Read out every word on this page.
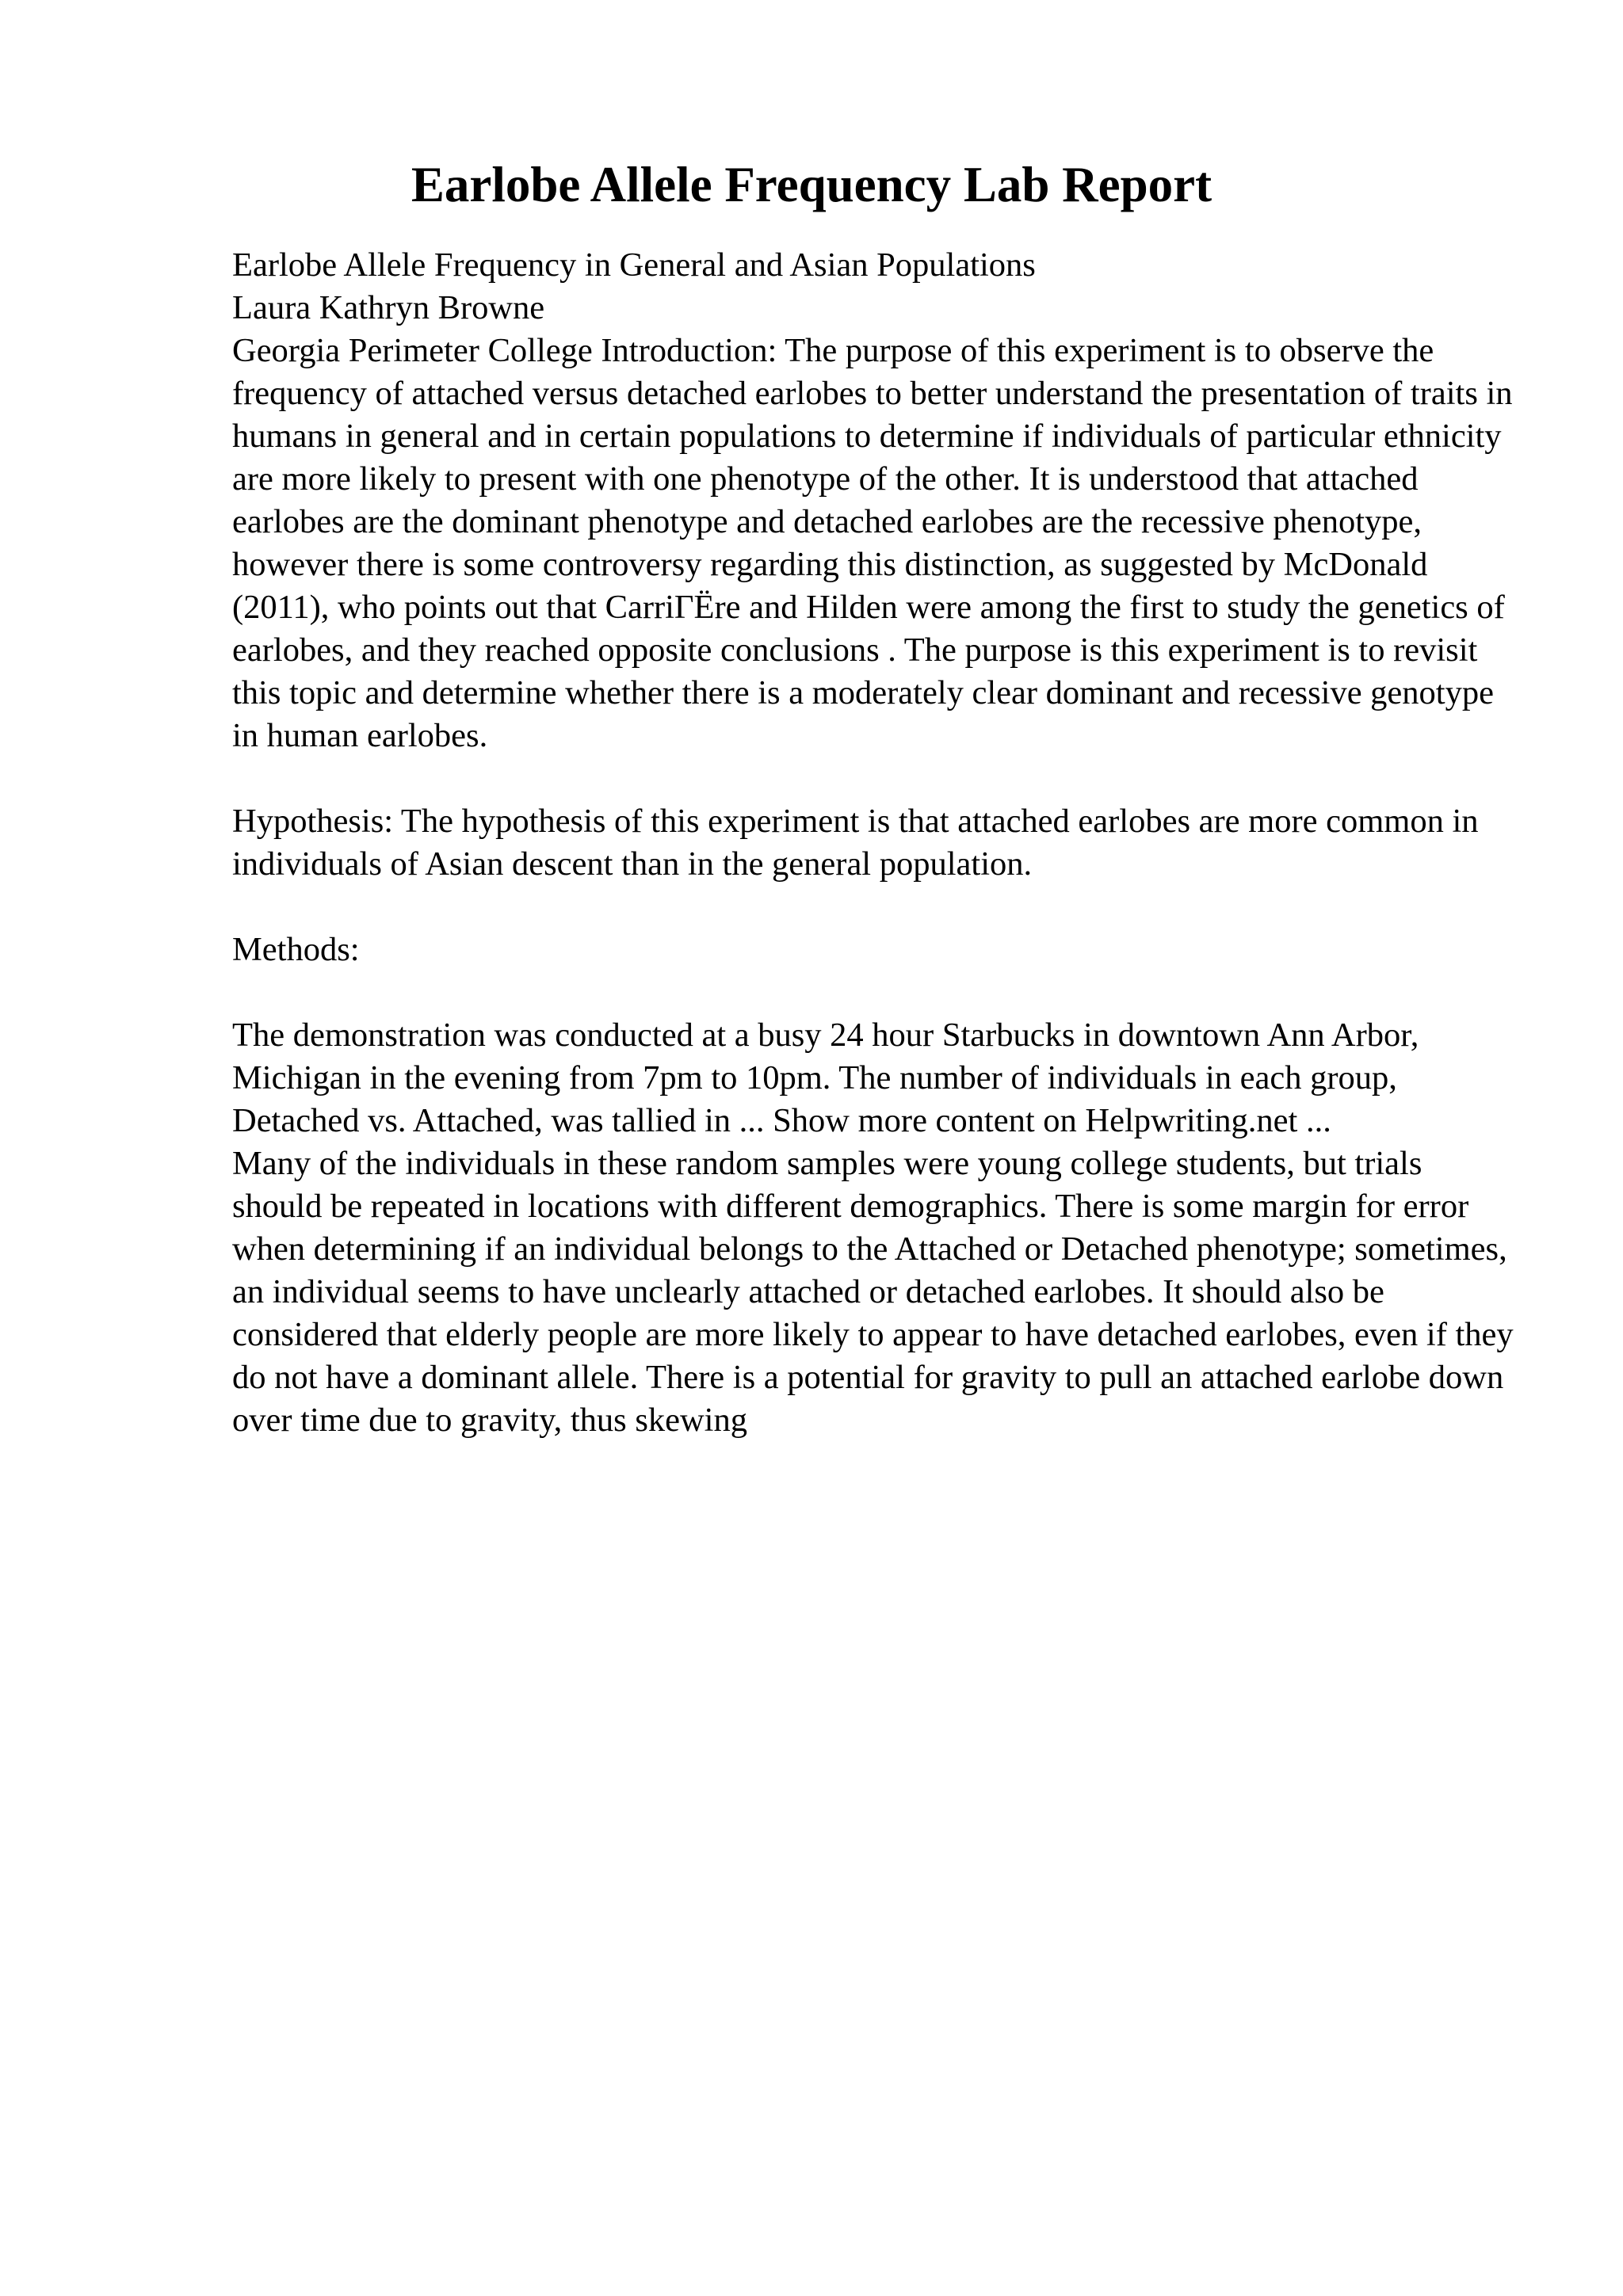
Earlobe Allele Frequency Lab Report

Earlobe Allele Frequency in General and Asian Populations

Laura Kathryn Browne

Georgia Perimeter College Introduction: The purpose of this experiment is to observe the frequency of attached versus detached earlobes to better understand the presentation of traits in humans in general and in certain populations to determine if individuals of particular ethnicity are more likely to present with one phenotype of the other. It is understood that attached earlobes are the dominant phenotype and detached earlobes are the recessive phenotype, however there is some controversy regarding this distinction, as suggested by McDonald (2011), who points out that CarriΓËre and Hilden were among the first to study the genetics of earlobes, and they reached opposite conclusions . The purpose is this experiment is to revisit this topic and determine whether there is a moderately clear dominant and recessive genotype in human earlobes.

Hypothesis: The hypothesis of this experiment is that attached earlobes are more common in individuals of Asian descent than in the general population.

Methods:

The demonstration was conducted at a busy 24 hour Starbucks in downtown Ann Arbor, Michigan in the evening from 7pm to 10pm. The number of individuals in each group, Detached vs. Attached, was tallied in ... Show more content on Helpwriting.net ...

Many of the individuals in these random samples were young college students, but trials should be repeated in locations with different demographics. There is some margin for error when determining if an individual belongs to the Attached or Detached phenotype; sometimes, an individual seems to have unclearly attached or detached earlobes. It should also be considered that elderly people are more likely to appear to have detached earlobes, even if they do not have a dominant allele. There is a potential for gravity to pull an attached earlobe down over time due to gravity, thus skewing
